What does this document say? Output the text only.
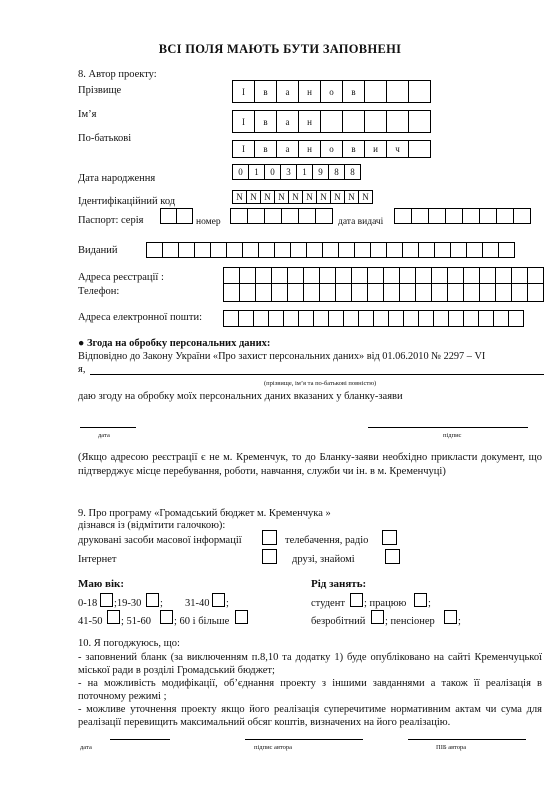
ВСІ ПОЛЯ МАЮТЬ БУТИ ЗАПОВНЕНІ
8. Автор проекту:
Прізвище	І	в	а	н	о	в
Ім’я
І	в	а	н
По-батькові
І	в	а	н	о	в	и	ч
Дата народження
0	1	0	3	1	9	8	8
Ідентифікаційний код	N N N N N N N N N N
Паспорт: серія	номер	дата видачі
Виданий
Адреса реєстрації :
Телефон:

Адреса електронної пошти:
● Згода на обробку персональних даних:
Відповідно до Закону України «Про захист персональних даних» від 01.06.2010 № 2297 – VI
я,
(прізвище, ім’я та по-батькові повністю)
даю згоду на обробку моїх персональних даних вказаних у бланку-заяви
дата	підпис
(Якщо адресою реєстрації є не м. Кременчук, то до Бланку-заяви необхідно прикласти документ, що підтверджує місце перебування, роботи, навчання, служби чи ін. в м. Кременчуці)
9. Про програму «Громадський бюджет м. Кременчука »
дізнався із (відмітити галочкою):
друковані засоби масової інформації	телебачення, радіо
Інтернет	друзі, знайомі
Маю вік:
0-18 ;19-30 ; 31-40 ;
41-50 ; 51-60 ; 60 і більше
Рід занять:
студент ; працюю ;
безробітний ; пенсіонер ;
10. Я погоджуюсь, що:
- заповнений бланк (за виключенням п.8,10 та додатку 1) буде опубліковано на сайті Кременчуцької міської ради в розділі Громадський бюджет;
- на можливість модифікації, об’єднання проекту з іншими завданнями а також її реалізація в поточному режимі ;
- можливе уточнення проекту якщо його реалізація суперечитиме нормативним актам чи сума для реалізації перевищить максимальний обсяг коштів, визначених на його реалізацію.
дата	підпис автора	ПІБ автора
